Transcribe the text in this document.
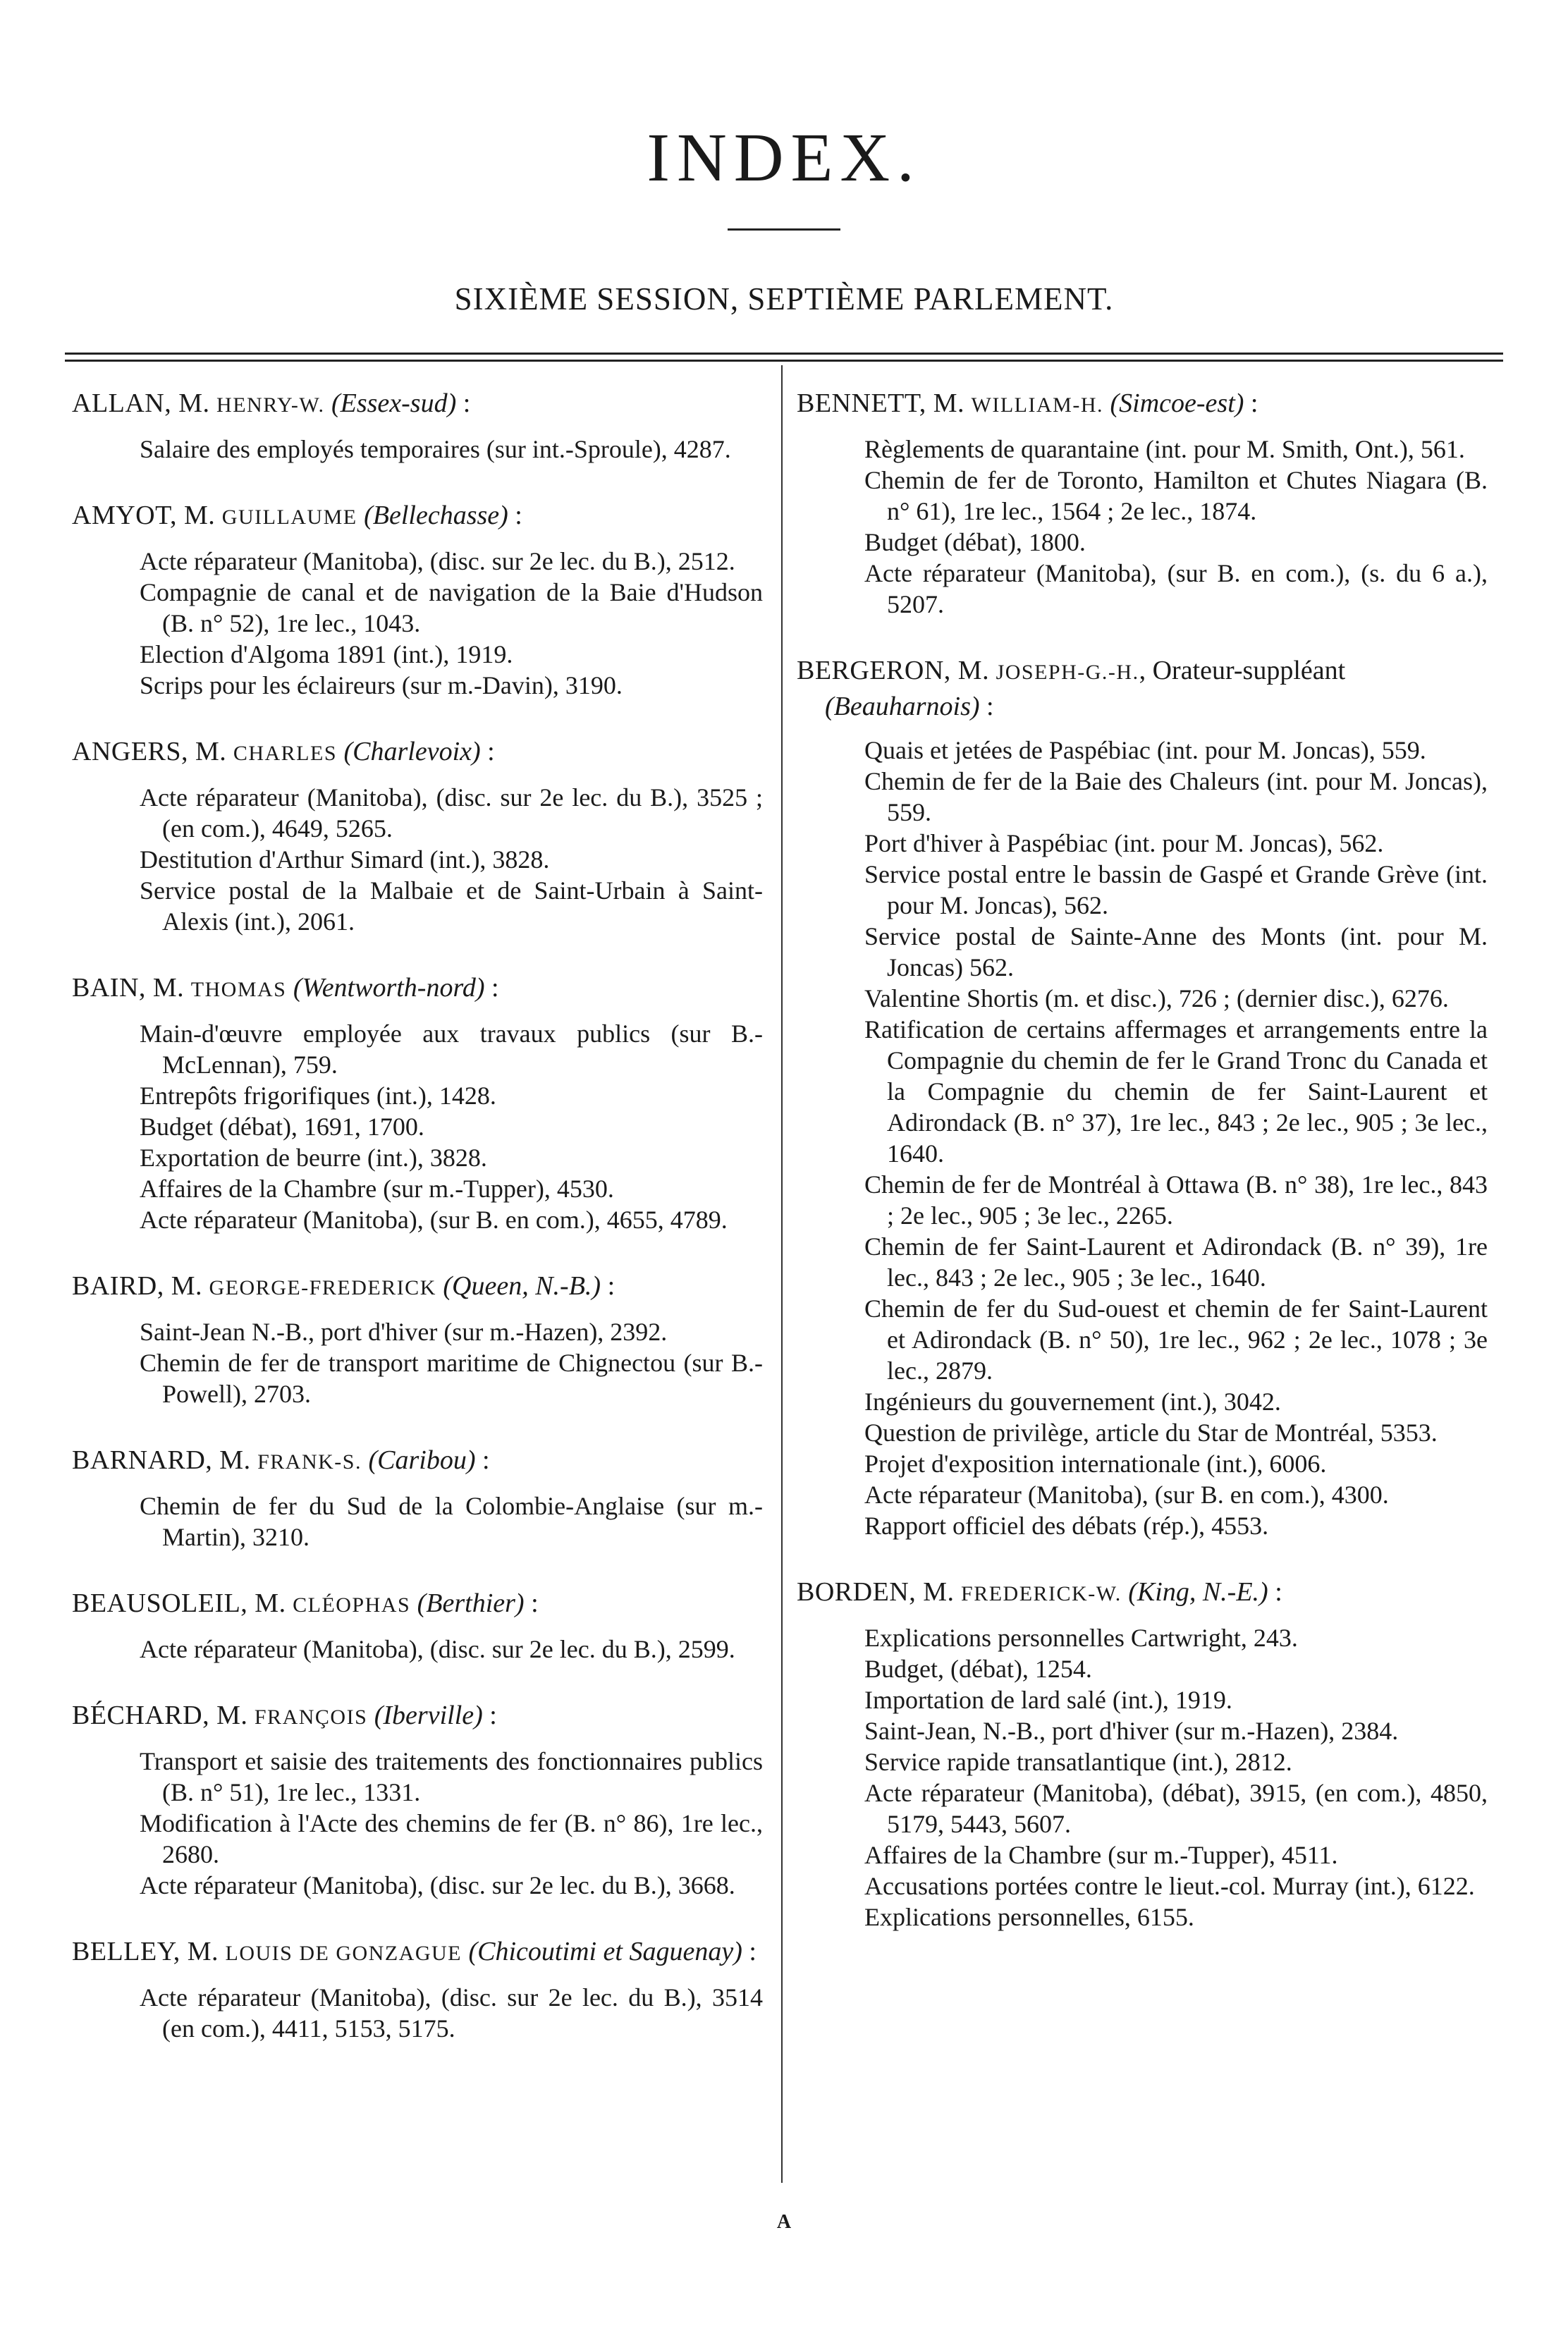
INDEX.
SIXIÈME SESSION, SEPTIÈME PARLEMENT.
ALLAN, M. HENRY-W. (Essex-sud) :
Salaire des employés temporaires (sur int.-Sproule), 4287.
AMYOT, M. GUILLAUME (Bellechasse) :
Acte réparateur (Manitoba), (disc. sur 2e lec. du B.), 2512.
Compagnie de canal et de navigation de la Baie d'Hudson (B. n° 52), 1re lec., 1043.
Election d'Algoma 1891 (int.), 1919.
Scrips pour les éclaireurs (sur m.-Davin), 3190.
ANGERS, M. CHARLES (Charlevoix) :
Acte réparateur (Manitoba), (disc. sur 2e lec. du B.), 3525 ; (en com.), 4649, 5265.
Destitution d'Arthur Simard (int.), 3828.
Service postal de la Malbaie et de Saint-Urbain à Saint-Alexis (int.), 2061.
BAIN, M. THOMAS (Wentworth-nord) :
Main-d'œuvre employée aux travaux publics (sur B.-McLennan), 759.
Entrepôts frigorifiques (int.), 1428.
Budget (débat), 1691, 1700.
Exportation de beurre (int.), 3828.
Affaires de la Chambre (sur m.-Tupper), 4530.
Acte réparateur (Manitoba), (sur B. en com.), 4655, 4789.
BAIRD, M. GEORGE-FREDERICK (Queen, N.-B.) :
Saint-Jean N.-B., port d'hiver (sur m.-Hazen), 2392.
Chemin de fer de transport maritime de Chignectou (sur B.-Powell), 2703.
BARNARD, M. FRANK-S. (Caribou) :
Chemin de fer du Sud de la Colombie-Anglaise (sur m.-Martin), 3210.
BEAUSOLEIL, M. CLÉOPHAS (Berthier) :
Acte réparateur (Manitoba), (disc. sur 2e lec. du B.), 2599.
BÉCHARD, M. FRANÇOIS (Iberville) :
Transport et saisie des traitements des fonctionnaires publics (B. n° 51), 1re lec., 1331.
Modification à l'Acte des chemins de fer (B. n° 86), 1re lec., 2680.
Acte réparateur (Manitoba), (disc. sur 2e lec. du B.), 3668.
BELLEY, M. LOUIS DE GONZAGUE (Chicoutimi et Saguenay) :
Acte réparateur (Manitoba), (disc. sur 2e lec. du B.), 3514 (en com.), 4411, 5153, 5175.
BENNETT, M. WILLIAM-H. (Simcoe-est) :
Règlements de quarantaine (int. pour M. Smith, Ont.), 561.
Chemin de fer de Toronto, Hamilton et Chutes Niagara (B. n° 61), 1re lec., 1564 ; 2e lec., 1874.
Budget (débat), 1800.
Acte réparateur (Manitoba), (sur B. en com.), (s. du 6 a.), 5207.
BERGERON, M. JOSEPH-G.-H., Orateur-suppléant (Beauharnois) :
Quais et jetées de Paspébiac (int. pour M. Joncas), 559.
Chemin de fer de la Baie des Chaleurs (int. pour M. Joncas), 559.
Port d'hiver à Paspébiac (int. pour M. Joncas), 562.
Service postal entre le bassin de Gaspé et Grande Grève (int. pour M. Joncas), 562.
Service postal de Sainte-Anne des Monts (int. pour M. Joncas) 562.
Valentine Shortis (m. et disc.), 726 ; (dernier disc.), 6276.
Ratification de certains affermages et arrangements entre la Compagnie du chemin de fer le Grand Tronc du Canada et la Compagnie du chemin de fer Saint-Laurent et Adirondack (B. n° 37), 1re lec., 843 ; 2e lec., 905 ; 3e lec., 1640.
Chemin de fer de Montréal à Ottawa (B. n° 38), 1re lec., 843 ; 2e lec., 905 ; 3e lec., 2265.
Chemin de fer Saint-Laurent et Adirondack (B. n° 39), 1re lec., 843 ; 2e lec., 905 ; 3e lec., 1640.
Chemin de fer du Sud-ouest et chemin de fer Saint-Laurent et Adirondack (B. n° 50), 1re lec., 962 ; 2e lec., 1078 ; 3e lec., 2879.
Ingénieurs du gouvernement (int.), 3042.
Question de privilège, article du Star de Montréal, 5353.
Projet d'exposition internationale (int.), 6006.
Acte réparateur (Manitoba), (sur B. en com.), 4300.
Rapport officiel des débats (rép.), 4553.
BORDEN, M. FREDERICK-W. (King, N.-E.) :
Explications personnelles Cartwright, 243.
Budget, (débat), 1254.
Importation de lard salé (int.), 1919.
Saint-Jean, N.-B., port d'hiver (sur m.-Hazen), 2384.
Service rapide transatlantique (int.), 2812.
Acte réparateur (Manitoba), (débat), 3915, (en com.), 4850, 5179, 5443, 5607.
Affaires de la Chambre (sur m.-Tupper), 4511.
Accusations portées contre le lieut.-col. Murray (int.), 6122.
Explications personnelles, 6155.
A
